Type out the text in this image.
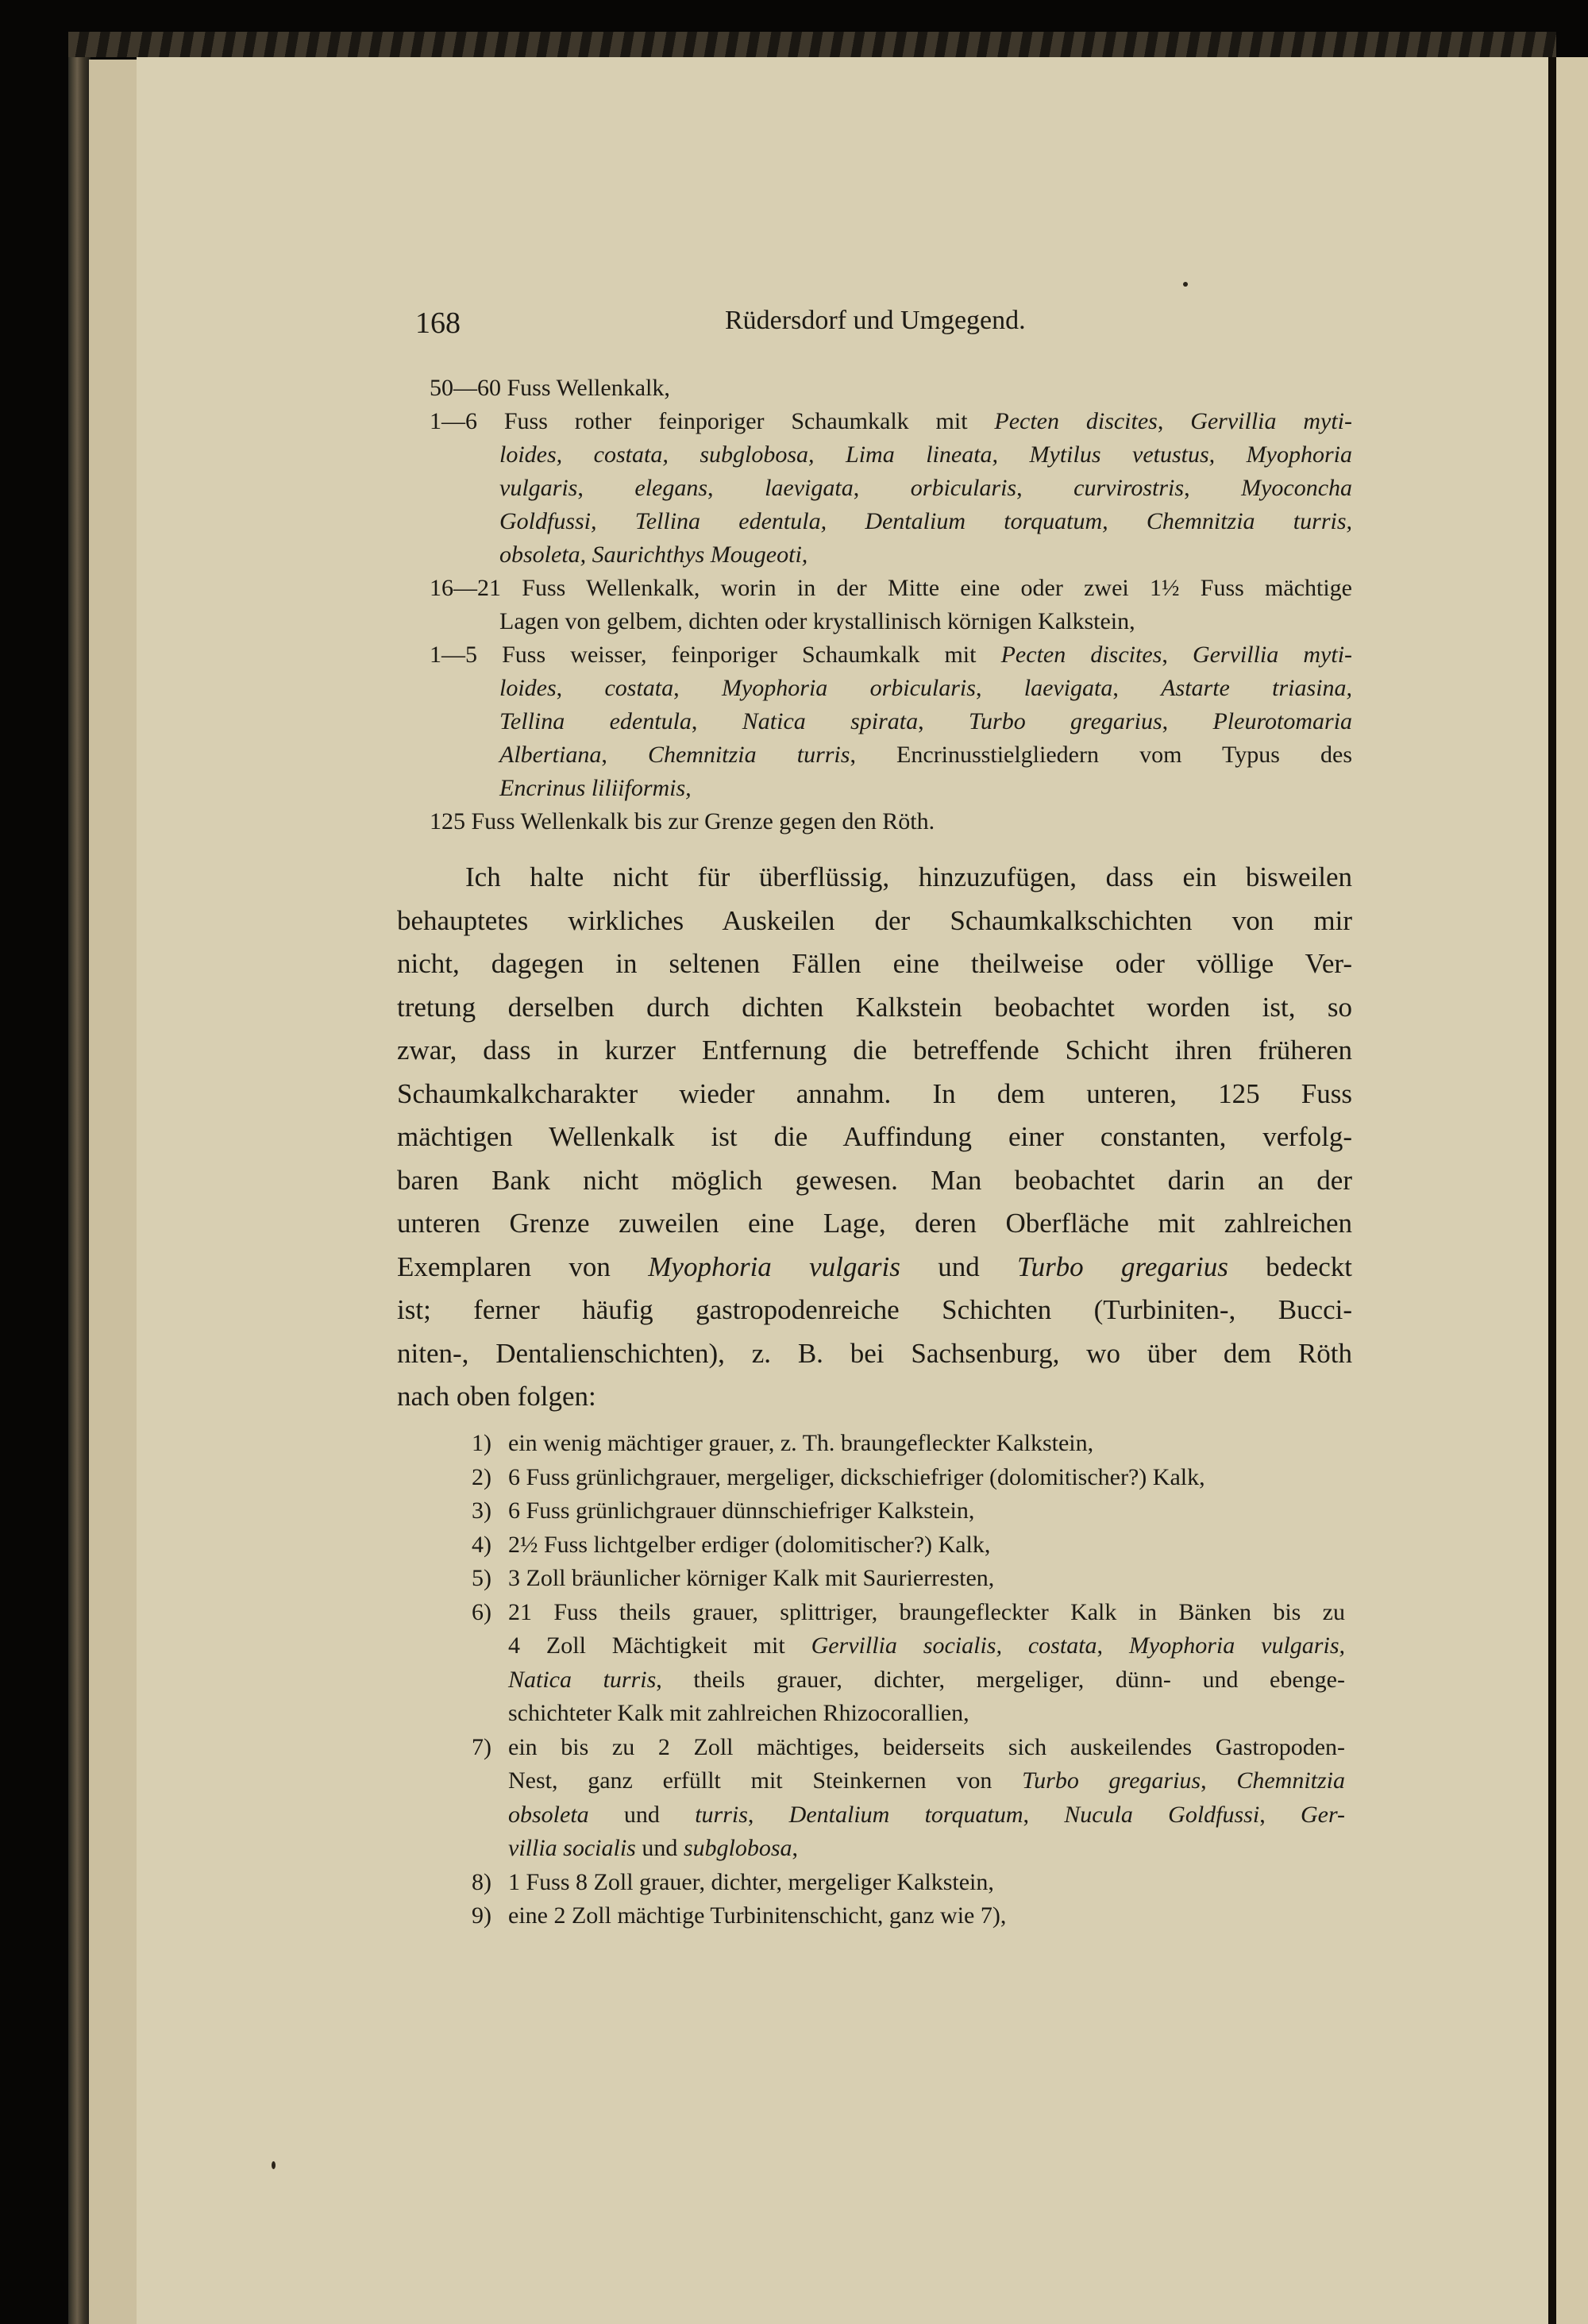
168	Rüdersdorf und Umgegend.
50—60 Fuss Wellenkalk,
1—6 Fuss rother feinporiger Schaumkalk mit Pecten discites, Gervillia myti-
loides, costata, subglobosa, Lima lineata, Mytilus vetustus, Myophoria
vulgaris, elegans, laevigata, orbicularis, curvirostris, Myoconcha
Goldfussi, Tellina edentula, Dentalium torquatum, Chemnitzia turris,
obsoleta, Saurichthys Mougeoti,
16—21 Fuss Wellenkalk, worin in der Mitte eine oder zwei 1½ Fuss mächtige
Lagen von gelbem, dichten oder krystallinisch körnigen Kalkstein,
1—5 Fuss weisser, feinporiger Schaumkalk mit Pecten discites, Gervillia myti-
loides, costata, Myophoria orbicularis, laevigata, Astarte triasina,
Tellina edentula, Natica spirata, Turbo gregarius, Pleurotomaria
Albertiana, Chemnitzia turris, Encrinusstielgliedern vom Typus des
Encrinus liliiformis,
125 Fuss Wellenkalk bis zur Grenze gegen den Röth.
Ich halte nicht für überflüssig, hinzuzufügen, dass ein bisweilen
behauptetes wirkliches Auskeilen der Schaumkalkschichten von mir
nicht, dagegen in seltenen Fällen eine theilweise oder völlige Ver-
tretung derselben durch dichten Kalkstein beobachtet worden ist, so
zwar, dass in kurzer Entfernung die betreffende Schicht ihren früheren
Schaumkalkcharakter wieder annahm. In dem unteren, 125 Fuss
mächtigen Wellenkalk ist die Auffindung einer constanten, verfolg-
baren Bank nicht möglich gewesen. Man beobachtet darin an der
unteren Grenze zuweilen eine Lage, deren Oberfläche mit zahlreichen
Exemplaren von Myophoria vulgaris und Turbo gregarius bedeckt
ist; ferner häufig gastropodenreiche Schichten (Turbiniten-, Bucci-
niten-, Dentalienschichten), z. B. bei Sachsenburg, wo über dem Röth
nach oben folgen:
1) ein wenig mächtiger grauer, z. Th. braungefleckter Kalkstein,
2) 6 Fuss grünlichgrauer, mergeliger, dickschiefriger (dolomitischer?) Kalk,
3) 6 Fuss grünlichgrauer dünnschiefriger Kalkstein,
4) 2½ Fuss lichtgelber erdiger (dolomitischer?) Kalk,
5) 3 Zoll bräunlicher körniger Kalk mit Saurierresten,
6) 21 Fuss theils grauer, splittriger, braungefleckter Kalk in Bänken bis zu
4 Zoll Mächtigkeit mit Gervillia socialis, costata, Myophoria vulgaris,
Natica turris, theils grauer, dichter, mergeliger, dünn- und ebenge-
schichteter Kalk mit zahlreichen Rhizocorallien,
7) ein bis zu 2 Zoll mächtiges, beiderseits sich auskeilendes Gastropoden-
Nest, ganz erfüllt mit Steinkernen von Turbo gregarius, Chemnitzia
obsoleta und turris, Dentalium torquatum, Nucula Goldfussi, Ger-
villia socialis und subglobosa,
8) 1 Fuss 8 Zoll grauer, dichter, mergeliger Kalkstein,
9) eine 2 Zoll mächtige Turbinitenschicht, ganz wie 7),
